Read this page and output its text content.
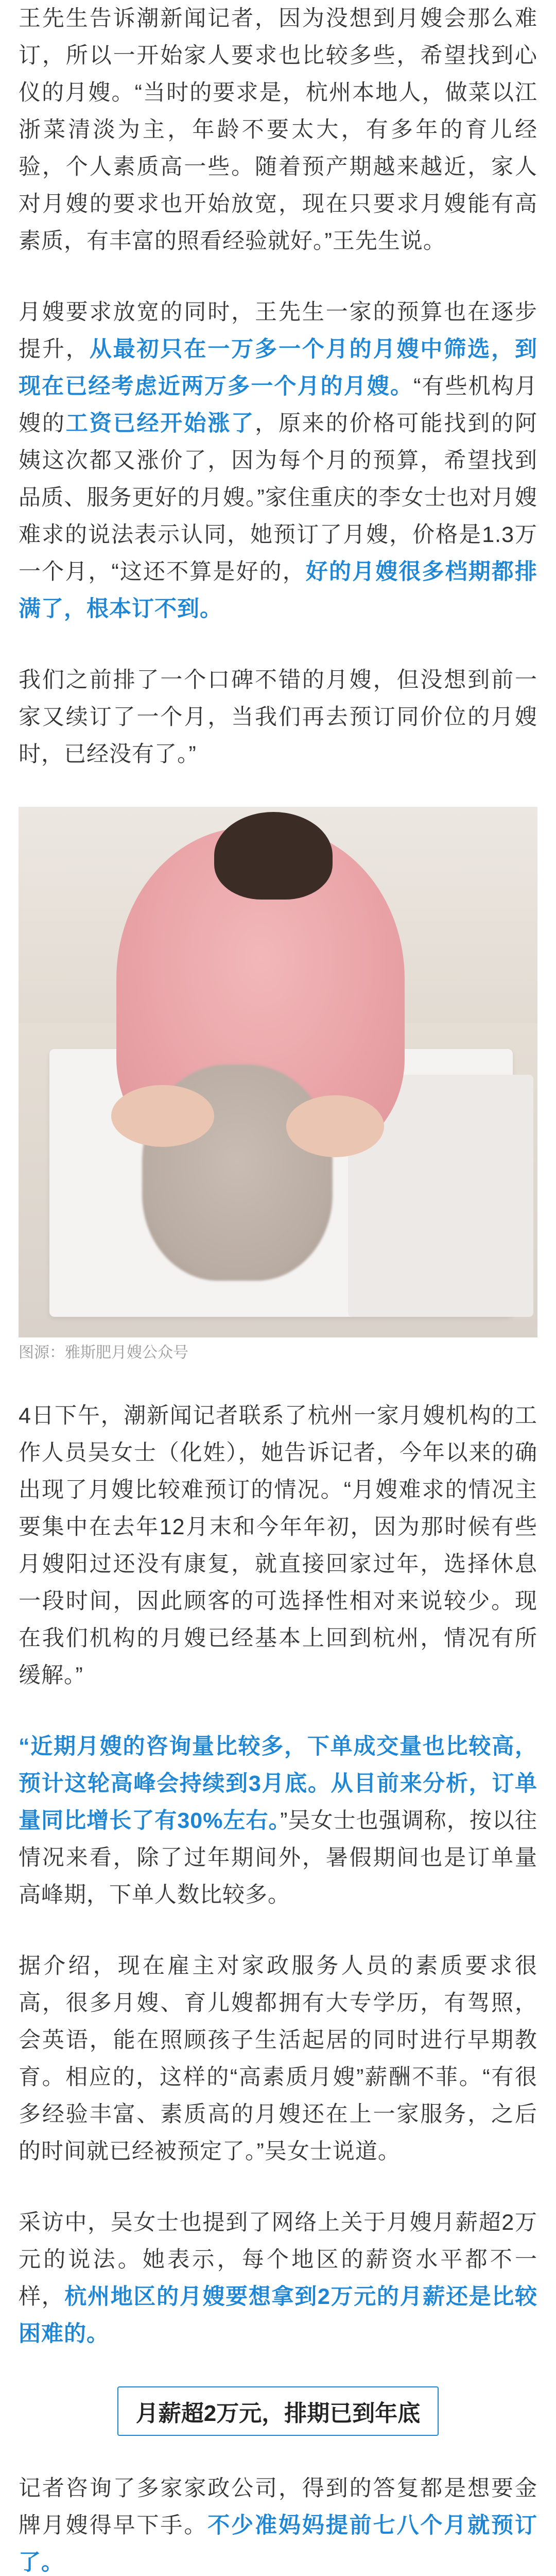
王先生告诉潮新闻记者，因为没想到月嫂会那么难订，所以一开始家人要求也比较多些，希望找到心仪的月嫂。“当时的要求是，杭州本地人，做菜以江浙菜清淡为主，年龄不要太大，有多年的育儿经验，个人素质高一些。随着预产期越来越近，家人对月嫂的要求也开始放宽，现在只要求月嫂能有高素质，有丰富的照看经验就好。”王先生说。

月嫂要求放宽的同时，王先生一家的预算也在逐步提升，从最初只在一万多一个月的月嫂中筛选，到现在已经考虑近两万多一个月的月嫂。“有些机构月嫂的工资已经开始涨了，原来的价格可能找到的阿姨这次都又涨价了，因为每个月的预算，希望找到品质、服务更好的月嫂。”家住重庆的李女士也对月嫂难求的说法表示认同，她预订了月嫂，价格是1.3万一个月，“这还不算是好的，好的月嫂很多档期都排满了，根本订不到。

我们之前排了一个口碑不错的月嫂，但没想到前一家又续订了一个月，当我们再去预订同价位的月嫂时，已经没有了。”

图源：雅斯肥月嫂公众号

4日下午，潮新闻记者联系了杭州一家月嫂机构的工作人员吴女士（化姓），她告诉记者，今年以来的确出现了月嫂比较难预订的情况。“月嫂难求的情况主要集中在去年12月末和今年年初，因为那时候有些月嫂阳过还没有康复，就直接回家过年，选择休息一段时间，因此顾客的可选择性相对来说较少。现在我们机构的月嫂已经基本上回到杭州，情况有所缓解。”

“近期月嫂的咨询量比较多，下单成交量也比较高，预计这轮高峰会持续到3月底。从目前来分析，订单量同比增长了有30%左右。”吴女士也强调称，按以往情况来看，除了过年期间外，暑假期间也是订单量高峰期，下单人数比较多。

据介绍，现在雇主对家政服务人员的素质要求很高，很多月嫂、育儿嫂都拥有大专学历，有驾照，会英语，能在照顾孩子生活起居的同时进行早期教育。相应的，这样的“高素质月嫂”薪酬不菲。“有很多经验丰富、素质高的月嫂还在上一家服务，之后的时间就已经被预定了。”吴女士说道。

采访中，吴女士也提到了网络上关于月嫂月薪超2万元的说法。她表示，每个地区的薪资水平都不一样，杭州地区的月嫂要想拿到2万元的月薪还是比较困难的。

月薪超2万元，排期已到年底

记者咨询了多家家政公司，得到的答复都是想要金牌月嫂得早下手。不少准妈妈提前七八个月就预订了。
